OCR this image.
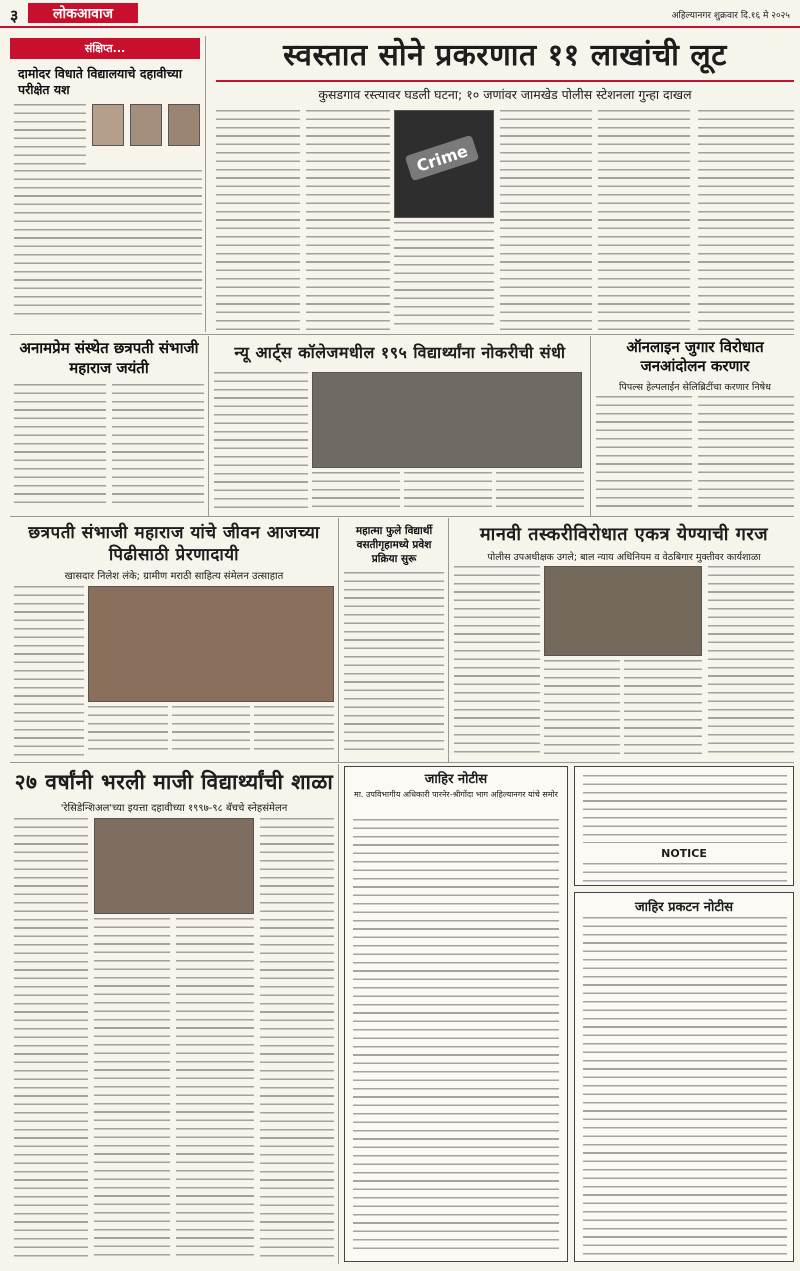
३	लोकआवाज	अहिल्यानगर शुक्रवार दि.१६ मे २०२५
संक्षिप्त...
दामोदर विधाते विद्यालयाचे दहावीच्या परीक्षेत यश
स्वस्तात सोने प्रकरणात ११ लाखांची लूट
कुसडगाव रस्त्यावर घडली घटना; १० जणांवर जामखेड पोलीस स्टेशनला गुन्हा दाखल
Crime
अनामप्रेम संस्थेत छत्रपती संभाजी महाराज जयंती
न्यू आर्ट्स कॉलेजमधील १९५ विद्यार्थ्यांना नोकरीची संधी	ऑनलाइन जुगार विरोधात जनआंदोलन करणार
पिपल्स हेल्पलाईन सेलिब्रिटींचा करणार निषेध
छत्रपती संभाजी महाराज यांचे जीवन आजच्या पिढीसाठी प्रेरणादायी
खासदार निलेश लंके; ग्रामीण मराठी साहित्य संमेलन उत्साहात
महात्मा फुले विद्यार्थी वसतीगृहामध्ये प्रवेश प्रक्रिया सुरू
मानवी तस्करीविरोधात एकत्र येण्याची गरज
पोलीस उपअधीक्षक उगले; बाल न्याय अधिनियम व वेठबिगार मुक्तीवर कार्यशाळा
२७ वर्षांनी भरली माजी विद्यार्थ्यांची शाळा
'रेसिडेन्शिअल'च्या इयत्ता दहावीच्या १९९७-९८ बॅचचे स्नेहसंमेलन
जाहिर नोटीस
मा. उपविभागीय अधिकारी पारनेर-श्रीगोंदा भाग अहिल्यानगर यांचे समोर
NOTICE
जाहिर प्रकटन नोटीस
